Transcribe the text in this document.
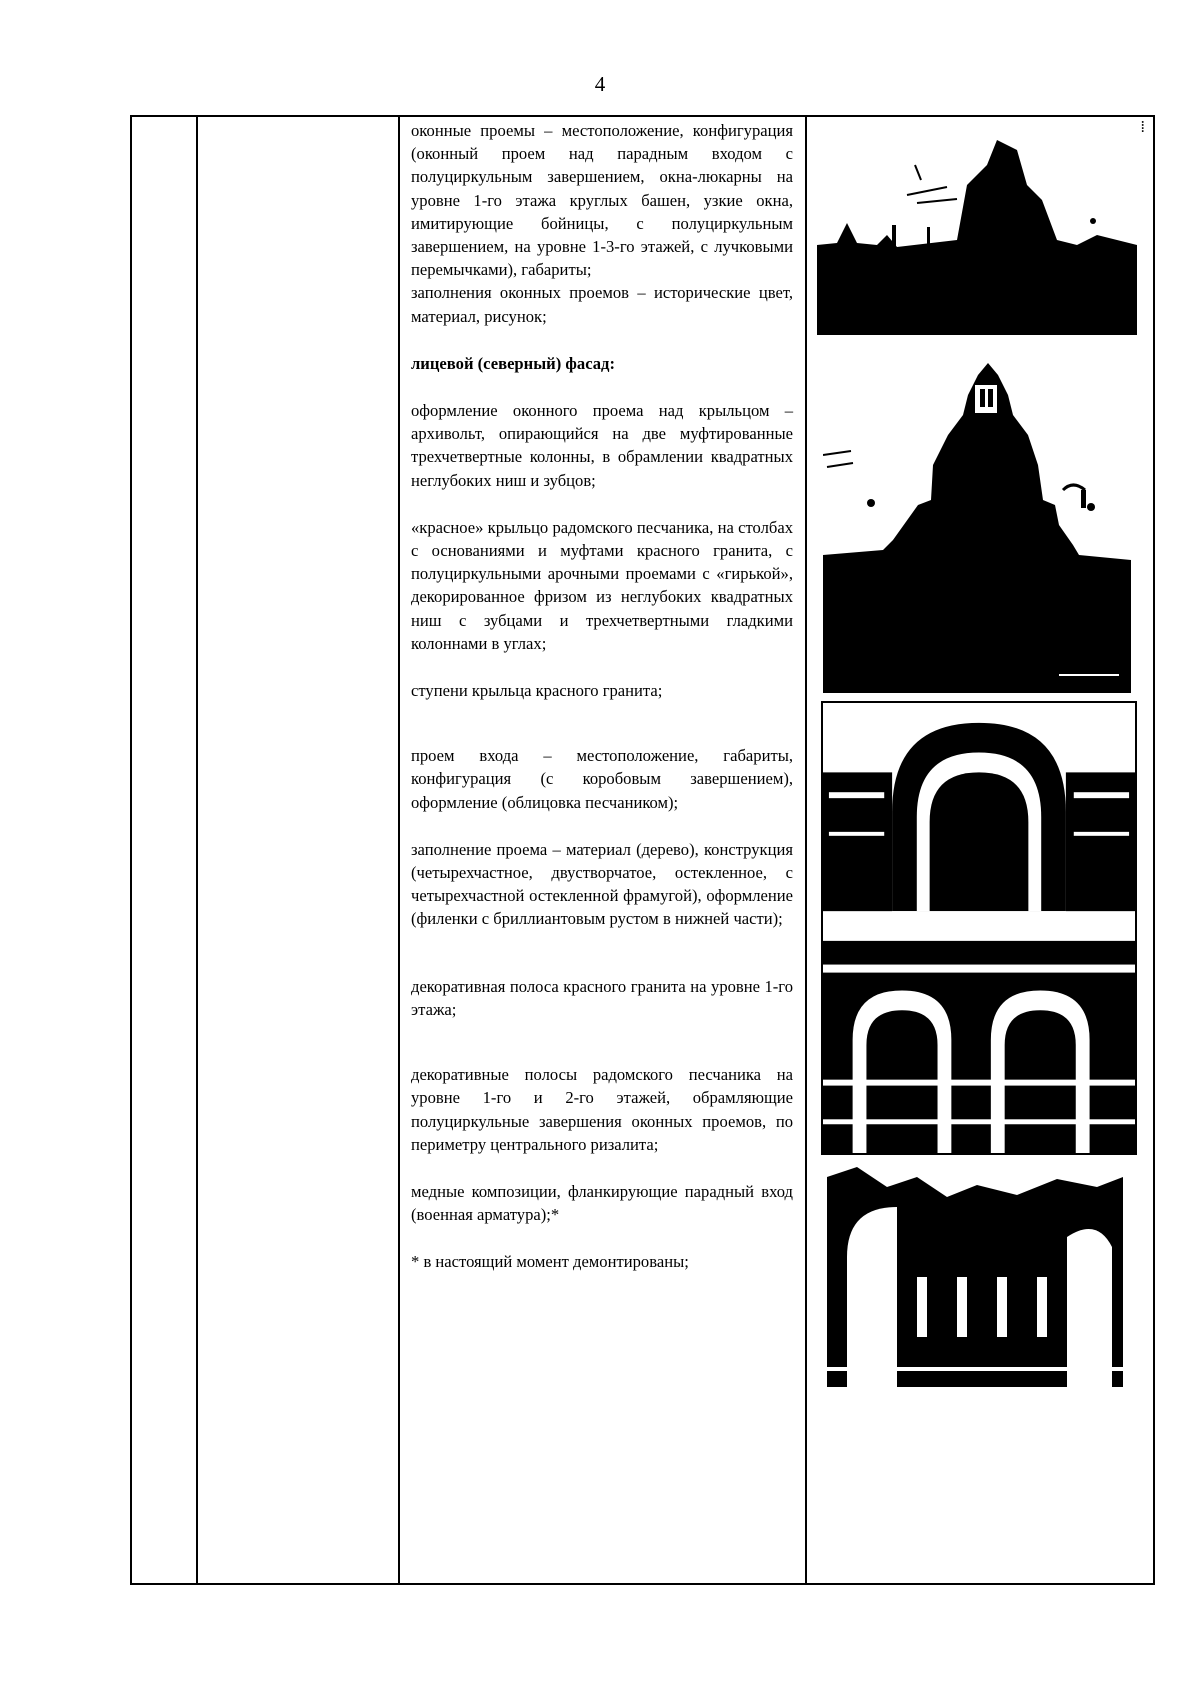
4

оконные проемы – местоположение, конфигурация (оконный проем над парадным входом с полуциркульным завершением, окна-люкарны на уровне 1-го этажа круглых башен, узкие окна, имитирующие бойницы, с полуциркульным завершением, на уровне 1-3-го этажей, с лучковыми перемычками), габариты;

заполнения оконных проемов – исторические цвет, материал, рисунок;

лицевой (северный) фасад:

оформление оконного проема над крыльцом – архивольт, опирающийся на две муфтированные трехчетвертные колонны, в обрамлении квадратных неглубоких ниш и зубцов;

«красное» крыльцо радомского песчаника, на столбах с основаниями и муфтами красного гранита, с полуциркульными арочными проемами с «гирькой», декорированное фризом из неглубоких квадратных ниш с зубцами и трехчетвертными гладкими колоннами в углах;

ступени крыльца красного гранита;

проем входа – местоположение, габариты, конфигурация (с коробовым завершением), оформление (облицовка песчаником);

заполнение проема – материал (дерево), конструкция (четырехчастное, двустворчатое, остекленное, с четырехчастной остекленной фрамугой), оформление (филенки с бриллиантовым рустом в нижней части);

декоративная полоса красного гранита на уровне 1-го этажа;

декоративные полосы радомского песчаника на уровне 1-го и 2-го этажей, обрамляющие полуциркульные завершения оконных проемов, по периметру центрального ризалита;

медные композиции, фланкирующие парадный вход (военная арматура);*

* в настоящий момент демонтированы;

⁞
